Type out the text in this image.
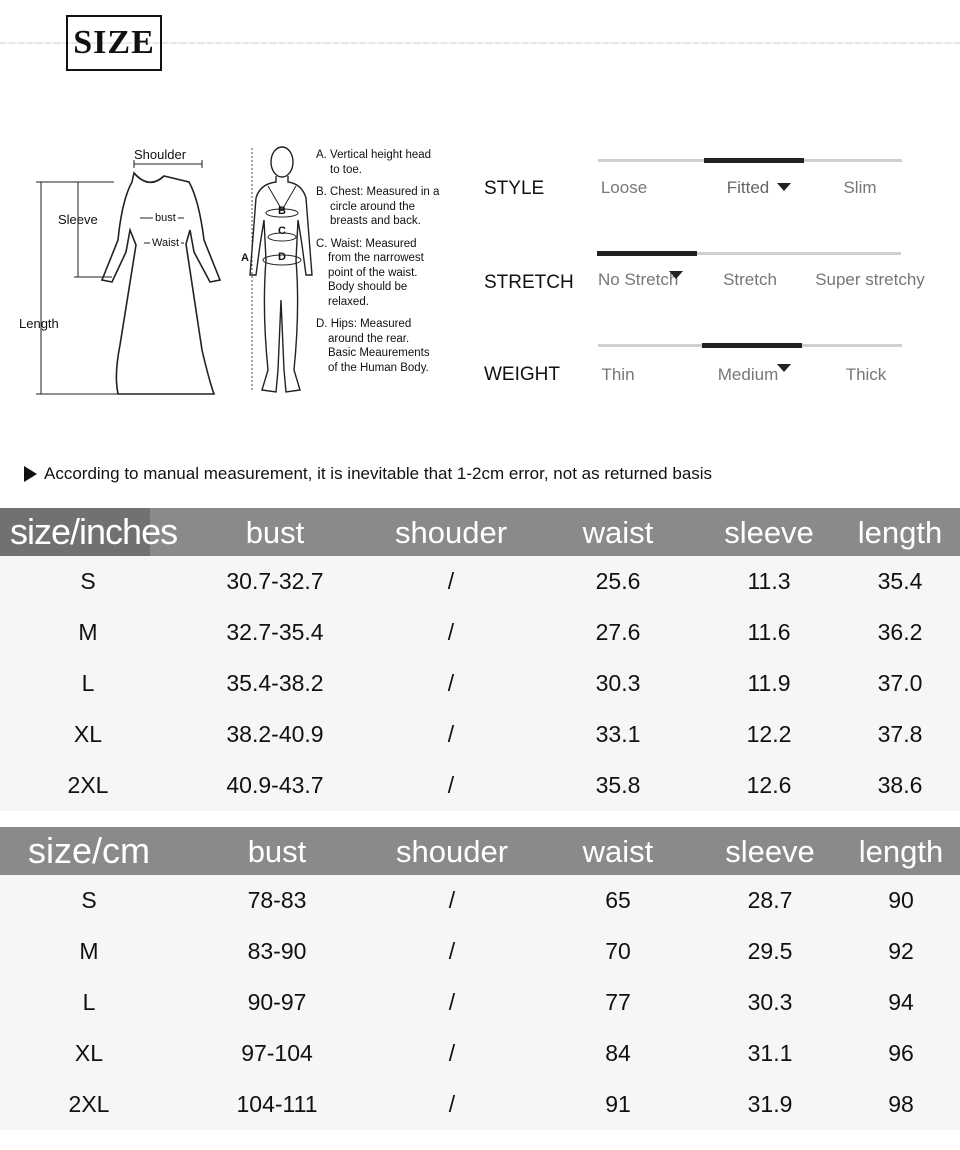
SIZE
Shoulder
Sleeve	bust
Waist
Length
A
B
C
D
A. Vertical height head
to toe.
B. Chest: Measured in a
circle around the
breasts and back.
C. Waist: Measured
from the narrowest
point of the waist.
Body should be
relaxed.
D. Hips: Measured
around the rear.
Basic Meaurements
of the Human Body.
STYLE	Loose	Fitted	Slim
STRETCH	No Stretch	Stretch	Super stretchy
WEIGHT	Thin	Medium	Thick
According to manual measurement, it is inevitable that 1-2cm error, not as returned basis
size/inches	bust	shouder	waist	sleeve	length
S	30.7-32.7	/	25.6	11.3	35.4
M	32.7-35.4	/	27.6	11.6	36.2
L	35.4-38.2	/	30.3	11.9	37.0
XL	38.2-40.9	/	33.1	12.2	37.8
2XL	40.9-43.7	/	35.8	12.6	38.6
size/cm	bust	shouder	waist	sleeve	length
S	78-83	/	65	28.7	90
M	83-90	/	70	29.5	92
L	90-97	/	77	30.3	94
XL	97-104	/	84	31.1	96
2XL	104-111	/	91	31.9	98
